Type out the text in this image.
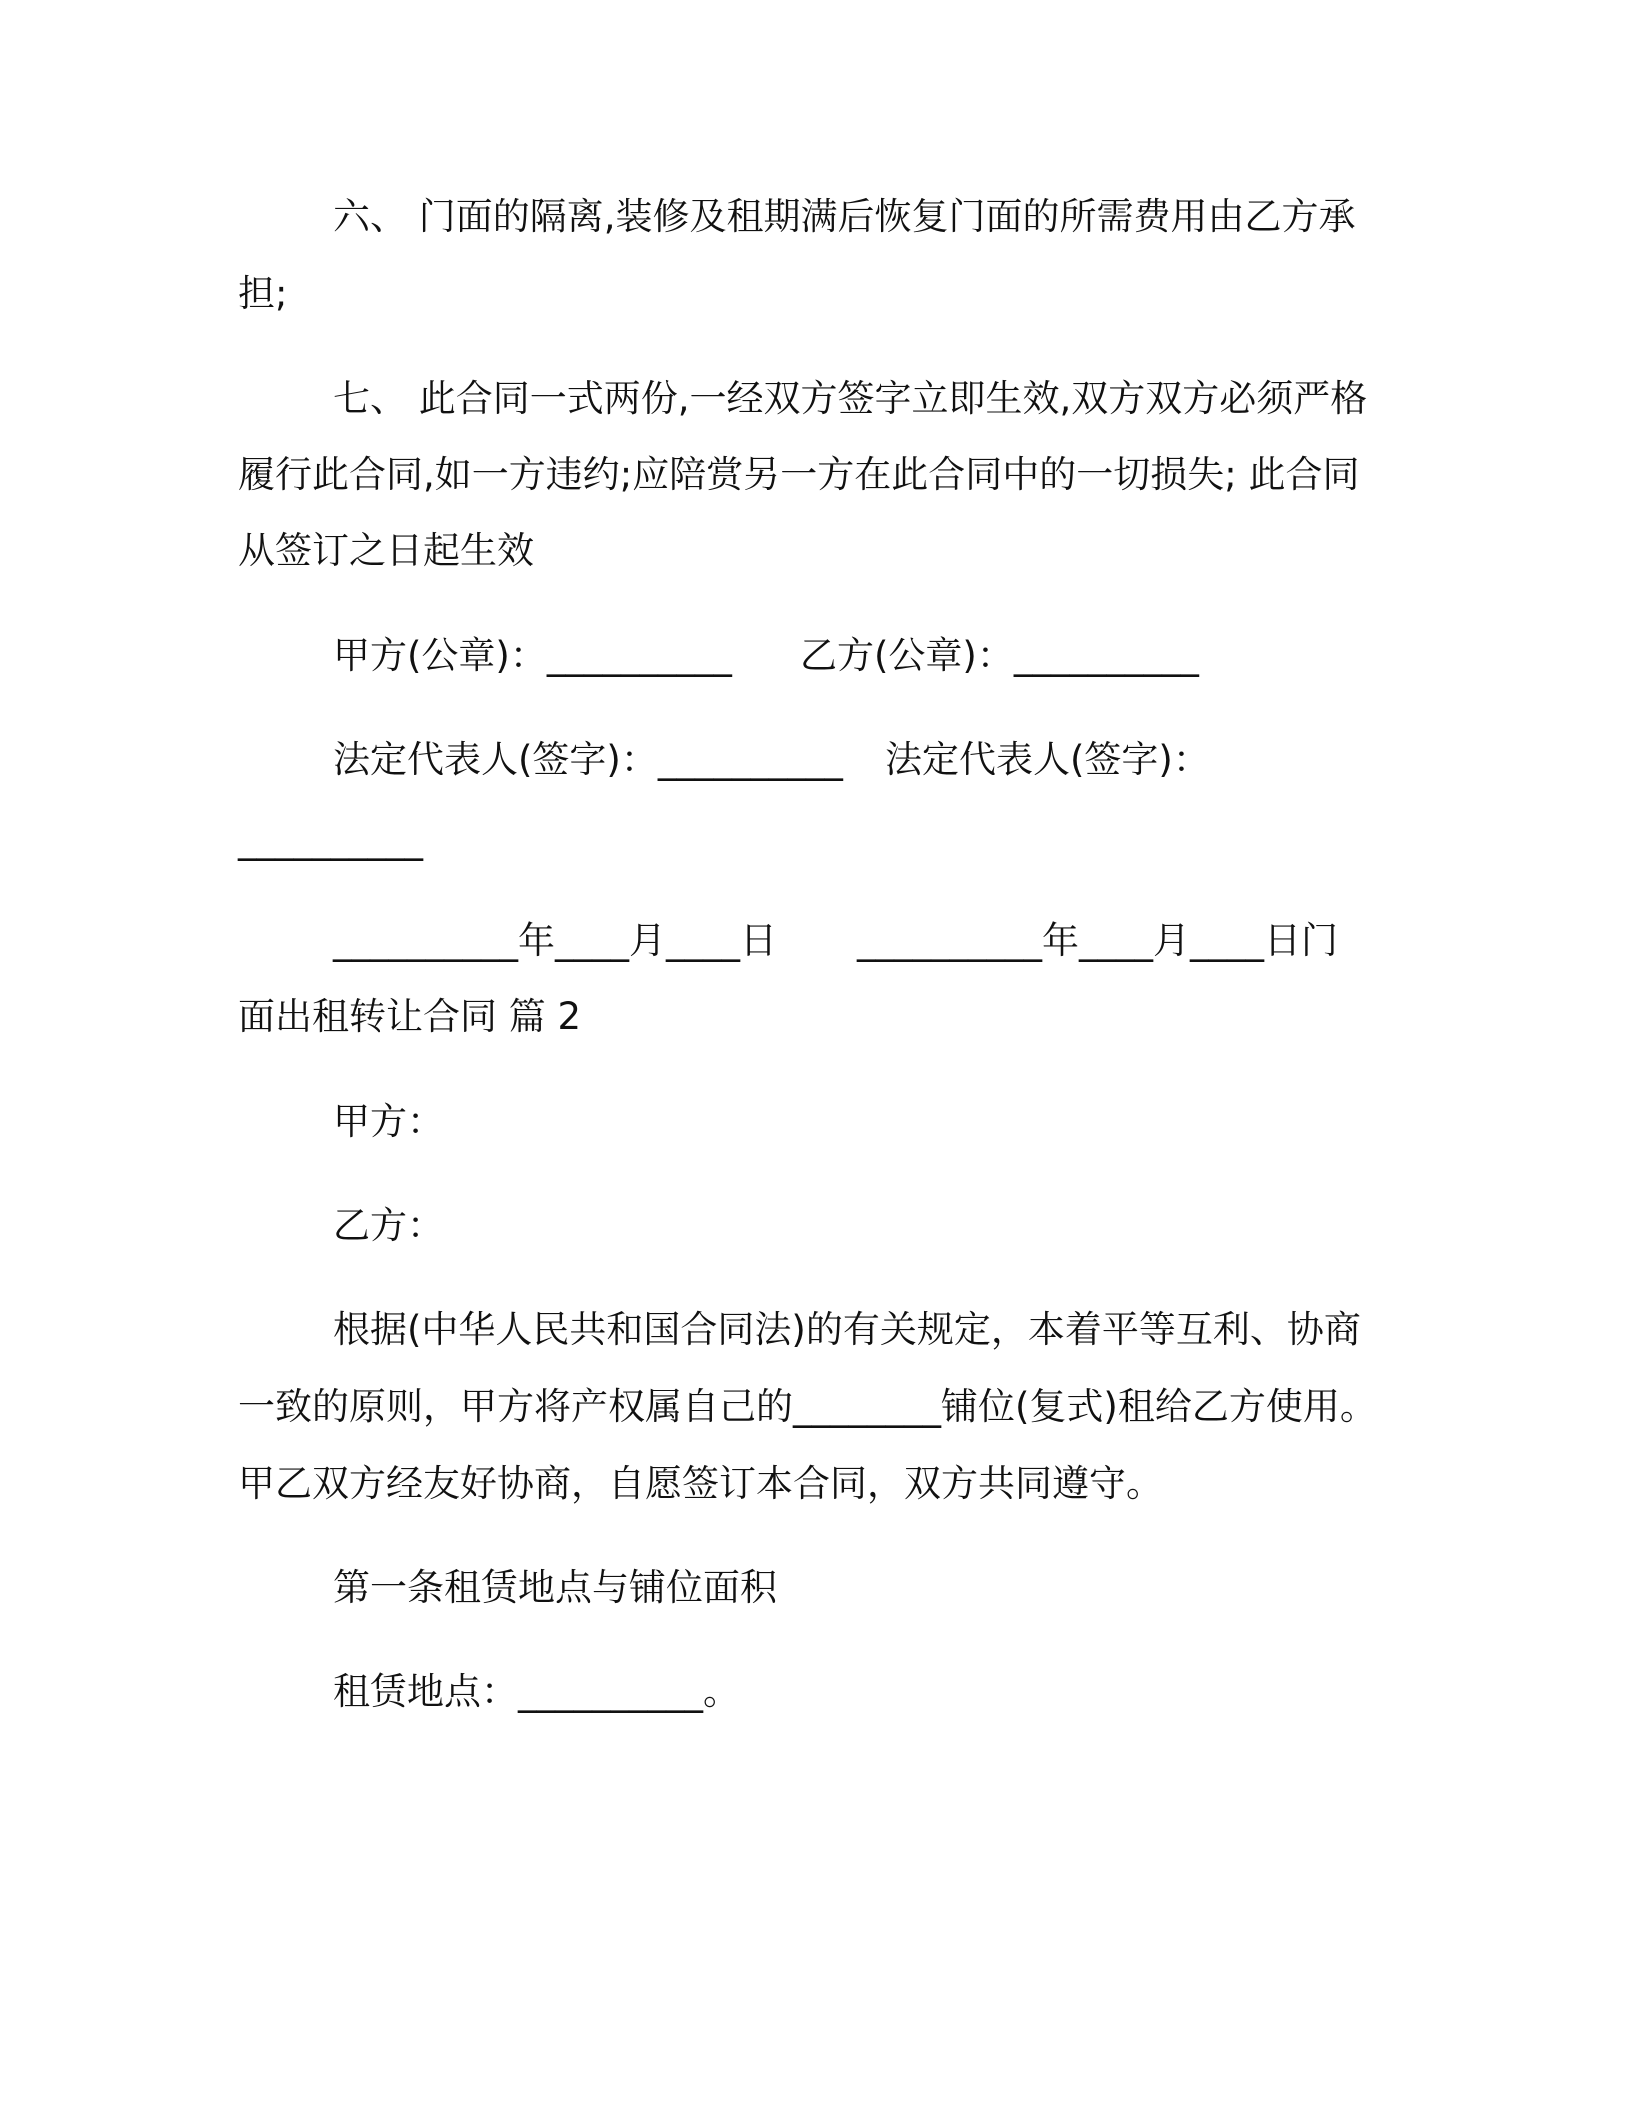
六、 门面的隔离,装修及租期满后恢复门面的所需费用由乙方承
担;
七、 此合同一式两份,一经双方签字立即生效,双方双方必须严格
履行此合同,如一方违约;应陪赏另一方在此合同中的一切损失; 此合同
从签订之日起生效
甲方(公章)：__________ 乙方(公章)：__________
法定代表人(签字)：__________ 法定代表人(签字)：
__________
__________年____月____日 __________年____月____日门
面出租转让合同 篇 2
甲方：
乙方：
根据(中华人民共和国合同法)的有关规定，本着平等互利、协商
一致的原则，甲方将产权属自己的________铺位(复式)租给乙方使用。
甲乙双方经友好协商，自愿签订本合同，双方共同遵守。
第一条租赁地点与铺位面积
租赁地点：__________。
